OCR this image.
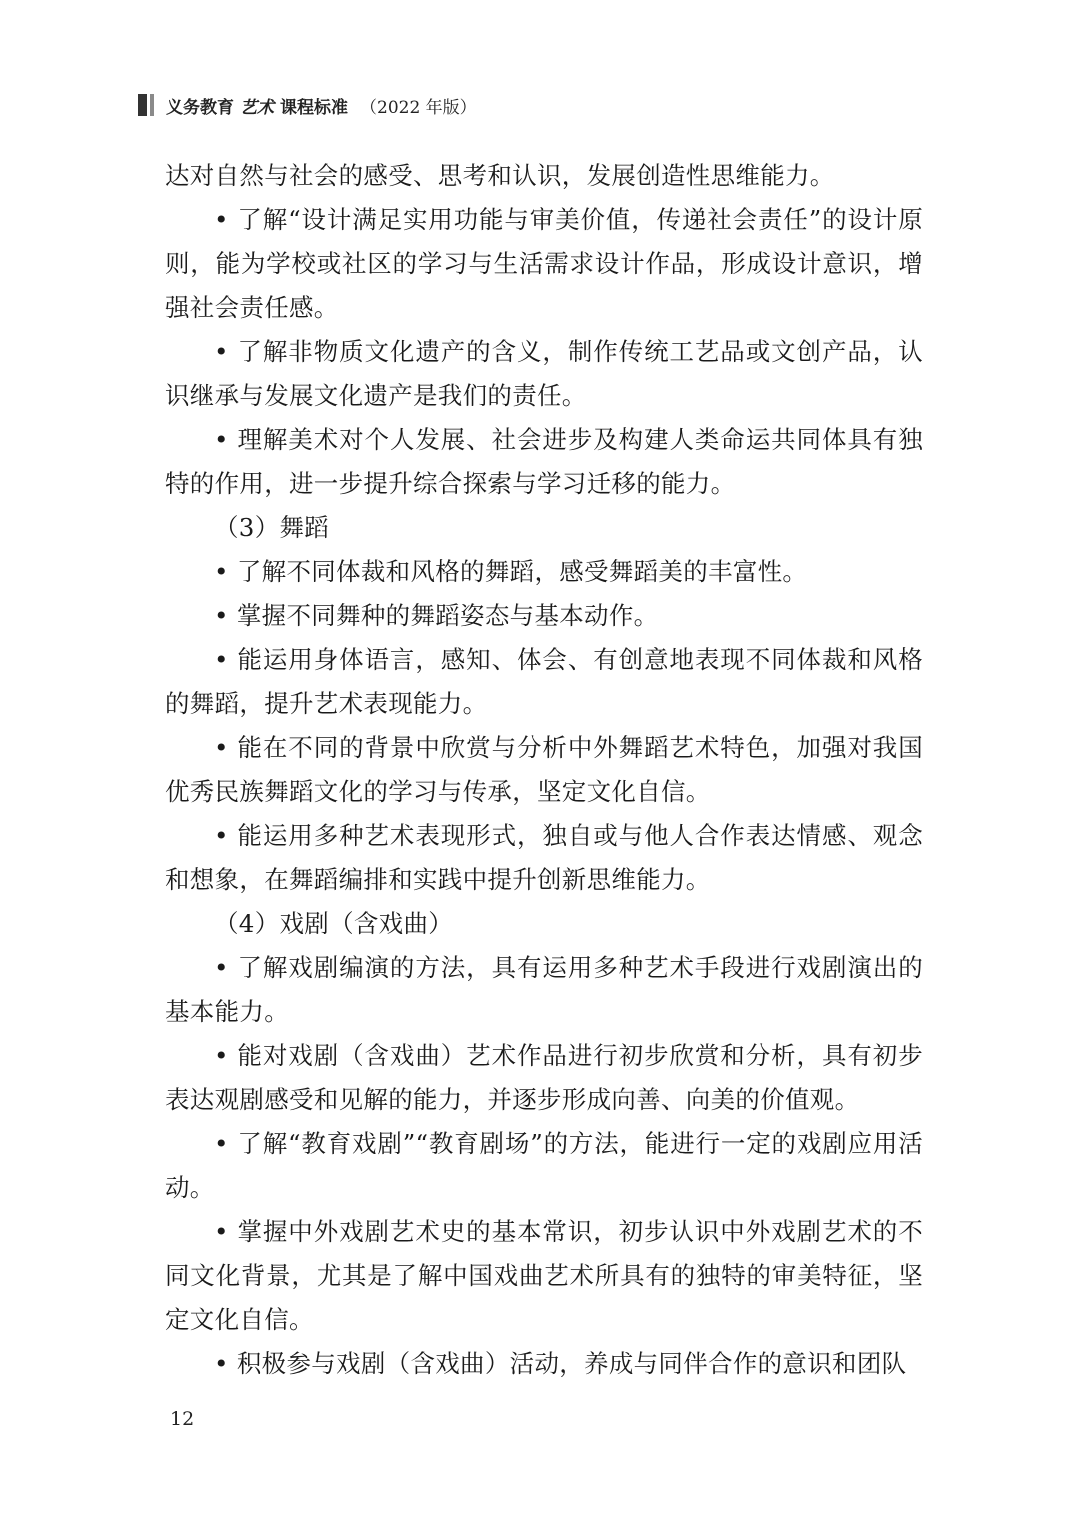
义务教育 艺术 课程标准 （2022 年版）

达对自然与社会的感受、思考和认识，发展创造性思维能力。

• 了解“设计满足实用功能与审美价值，传递社会责任”的设计原则，能为学校或社区的学习与生活需求设计作品，形成设计意识，增强社会责任感。

• 了解非物质文化遗产的含义，制作传统工艺品或文创产品，认识继承与发展文化遗产是我们的责任。

• 理解美术对个人发展、社会进步及构建人类命运共同体具有独特的作用，进一步提升综合探索与学习迁移的能力。

（3）舞蹈

• 了解不同体裁和风格的舞蹈，感受舞蹈美的丰富性。

• 掌握不同舞种的舞蹈姿态与基本动作。

• 能运用身体语言，感知、体会、有创意地表现不同体裁和风格的舞蹈，提升艺术表现能力。

• 能在不同的背景中欣赏与分析中外舞蹈艺术特色，加强对我国优秀民族舞蹈文化的学习与传承，坚定文化自信。

• 能运用多种艺术表现形式，独自或与他人合作表达情感、观念和想象，在舞蹈编排和实践中提升创新思维能力。

（4）戏剧（含戏曲）

• 了解戏剧编演的方法，具有运用多种艺术手段进行戏剧演出的基本能力。

• 能对戏剧（含戏曲）艺术作品进行初步欣赏和分析，具有初步表达观剧感受和见解的能力，并逐步形成向善、向美的价值观。

• 了解“教育戏剧”“教育剧场”的方法，能进行一定的戏剧应用活动。

• 掌握中外戏剧艺术史的基本常识，初步认识中外戏剧艺术的不同文化背景，尤其是了解中国戏曲艺术所具有的独特的审美特征，坚定文化自信。

• 积极参与戏剧（含戏曲）活动，养成与同伴合作的意识和团队

12
